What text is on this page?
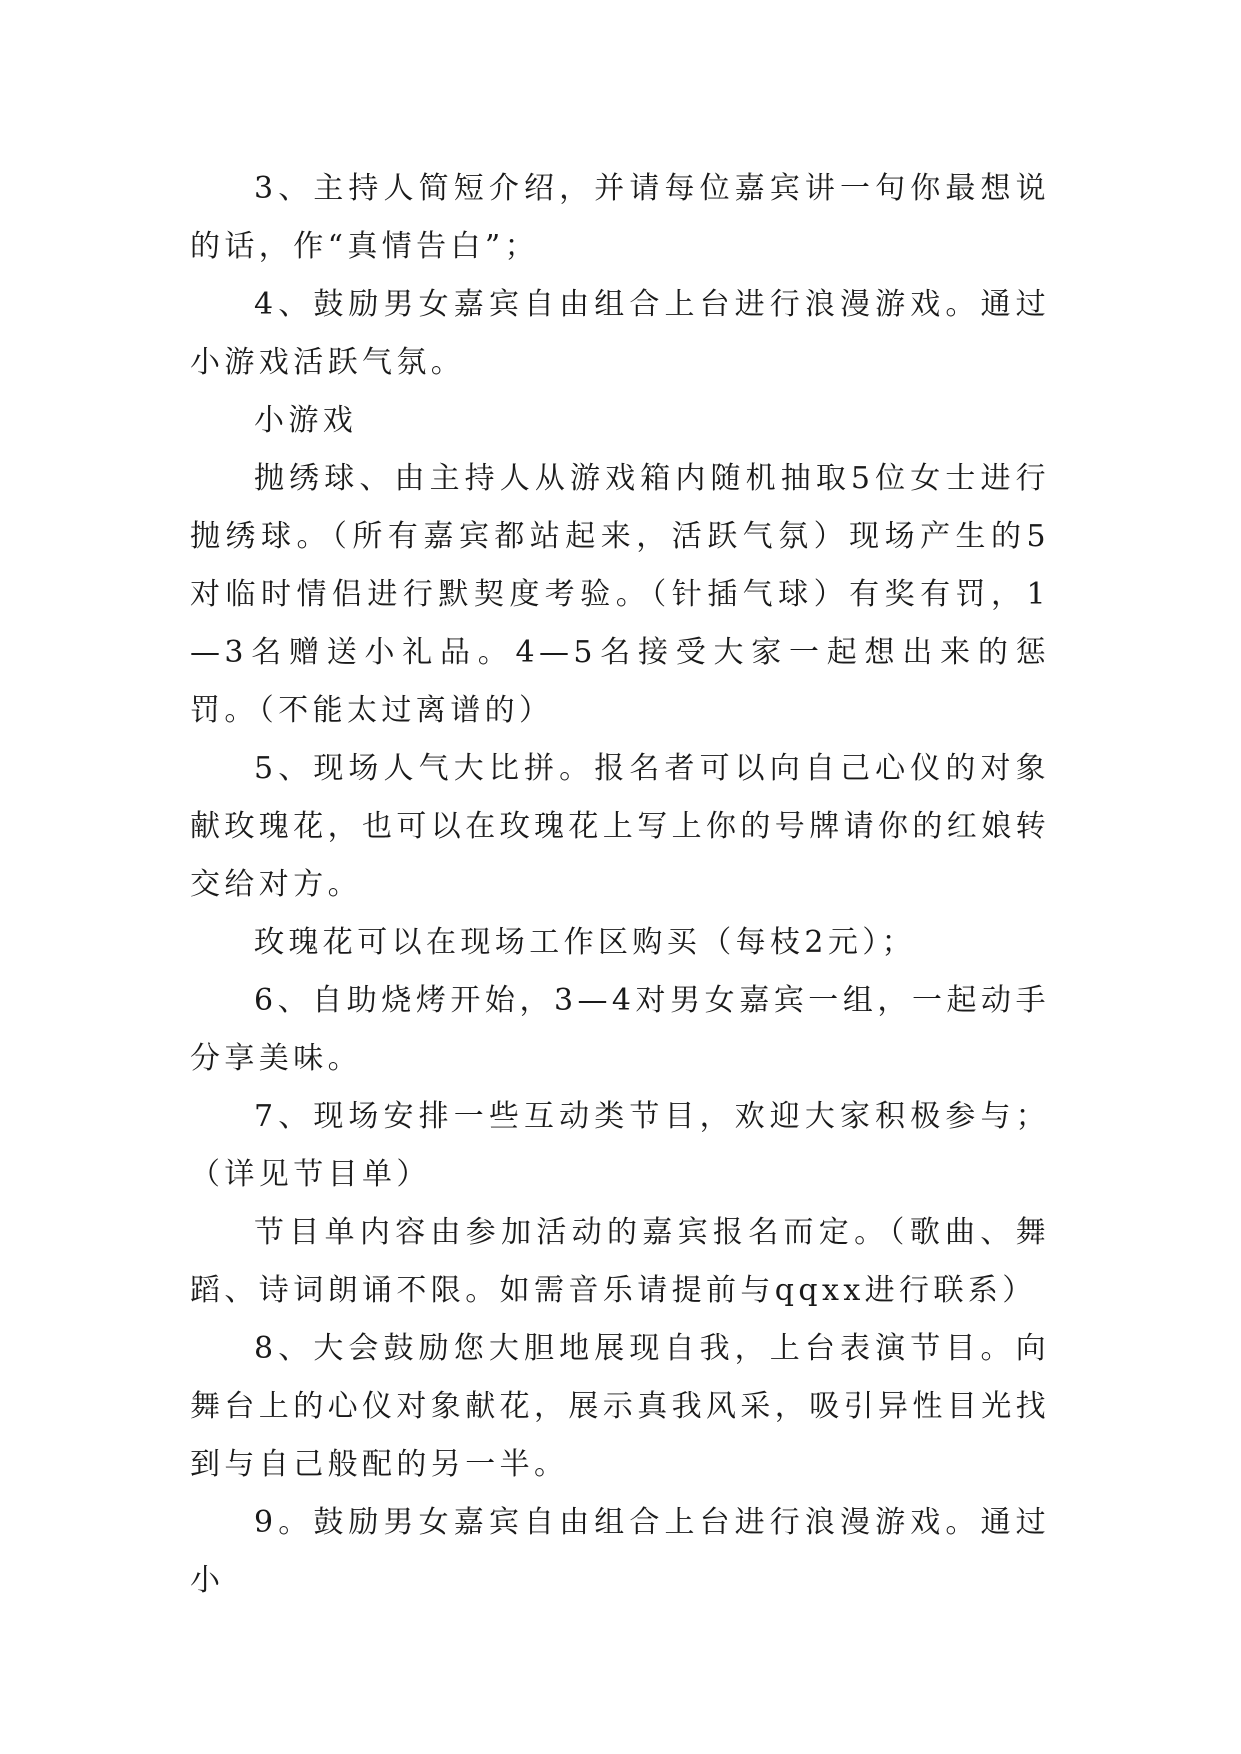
3、主持人简短介绍，并请每位嘉宾讲一句你最想说的话，作“真情告白”；

4、鼓励男女嘉宾自由组合上台进行浪漫游戏。通过小游戏活跃气氛。

小游戏

抛绣球、由主持人从游戏箱内随机抽取5位女士进行抛绣球。（所有嘉宾都站起来，活跃气氛）现场产生的5对临时情侣进行默契度考验。（针插气球）有奖有罚，1—3名赠送小礼品。4—5名接受大家一起想出来的惩罚。（不能太过离谱的）

5、现场人气大比拼。报名者可以向自己心仪的对象献玫瑰花，也可以在玫瑰花上写上你的号牌请你的红娘转交给对方。

玫瑰花可以在现场工作区购买（每枝2元）；

6、自助烧烤开始，3—4对男女嘉宾一组，一起动手分享美味。

7、现场安排一些互动类节目，欢迎大家积极参与；（详见节目单）

节目单内容由参加活动的嘉宾报名而定。（歌曲、舞蹈、诗词朗诵不限。如需音乐请提前与qqxx进行联系）

8、大会鼓励您大胆地展现自我，上台表演节目。向舞台上的心仪对象献花，展示真我风采，吸引异性目光找到与自己般配的另一半。

9。鼓励男女嘉宾自由组合上台进行浪漫游戏。通过小
